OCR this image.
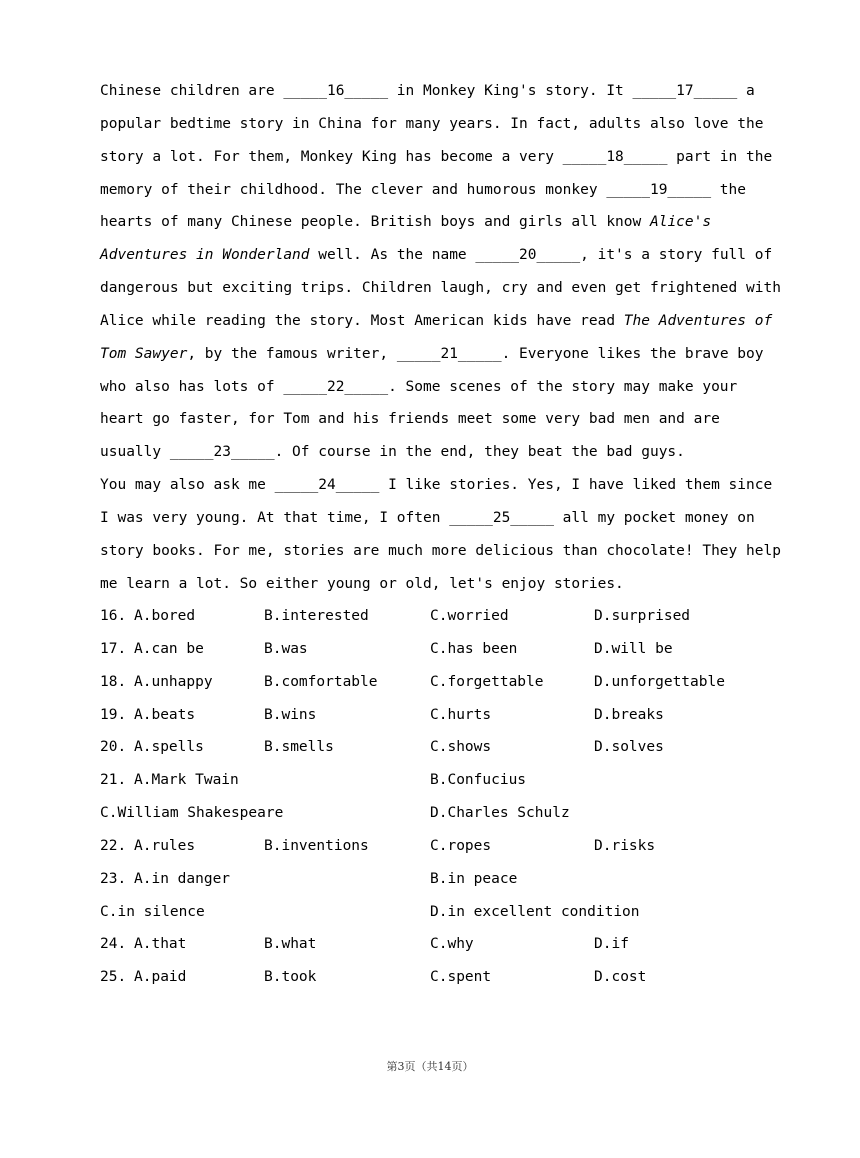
Chinese children are _____16_____ in Monkey King's story. It _____17_____ a
popular bedtime story in China for many years. In fact, adults also love the
story a lot. For them, Monkey King has become a very _____18_____ part in the
memory of their childhood. The clever and humorous monkey _____19_____ the
hearts of many Chinese people. British boys and girls all know Alice's
Adventures in Wonderland well. As the name _____20_____, it's a story full of
dangerous but exciting trips. Children laugh, cry and even get frightened with
Alice while reading the story. Most American kids have read The Adventures of
Tom Sawyer, by the famous writer, _____21_____. Everyone likes the brave boy
who also has lots of _____22_____. Some scenes of the story may make your
heart go faster, for Tom and his friends meet some very bad men and are
usually _____23_____. Of course in the end, they beat the bad guys.
You may also ask me _____24_____ I like stories. Yes, I have liked them since
I was very young. At that time, I often _____25_____ all my pocket money on
story books. For me, stories are much more delicious than chocolate! They help
me learn a lot. So either young or old, let's enjoy stories.

16. A.bored

	B.interested

	C.worried

	D.surprised

17. A.can be

	B.was

	C.has been

	D.will be

18. A.unhappy

	B.comfortable

	C.forgettable

	D.unforgettable

19. A.beats

	B.wins

	C.hurts

	D.breaks

20. A.spells

	B.smells

	C.shows

	D.solves

21. A.Mark Twain

	B.Confucius

C.William Shakespeare

	D.Charles Schulz

22. A.rules

	B.inventions

	C.ropes

	D.risks

23. A.in danger

	B.in peace

C.in silence

	D.in excellent condition

24. A.that

	B.what

	C.why

	D.if

25. A.paid

	B.took

	C.spent

	D.cost

第3页（共14页）
